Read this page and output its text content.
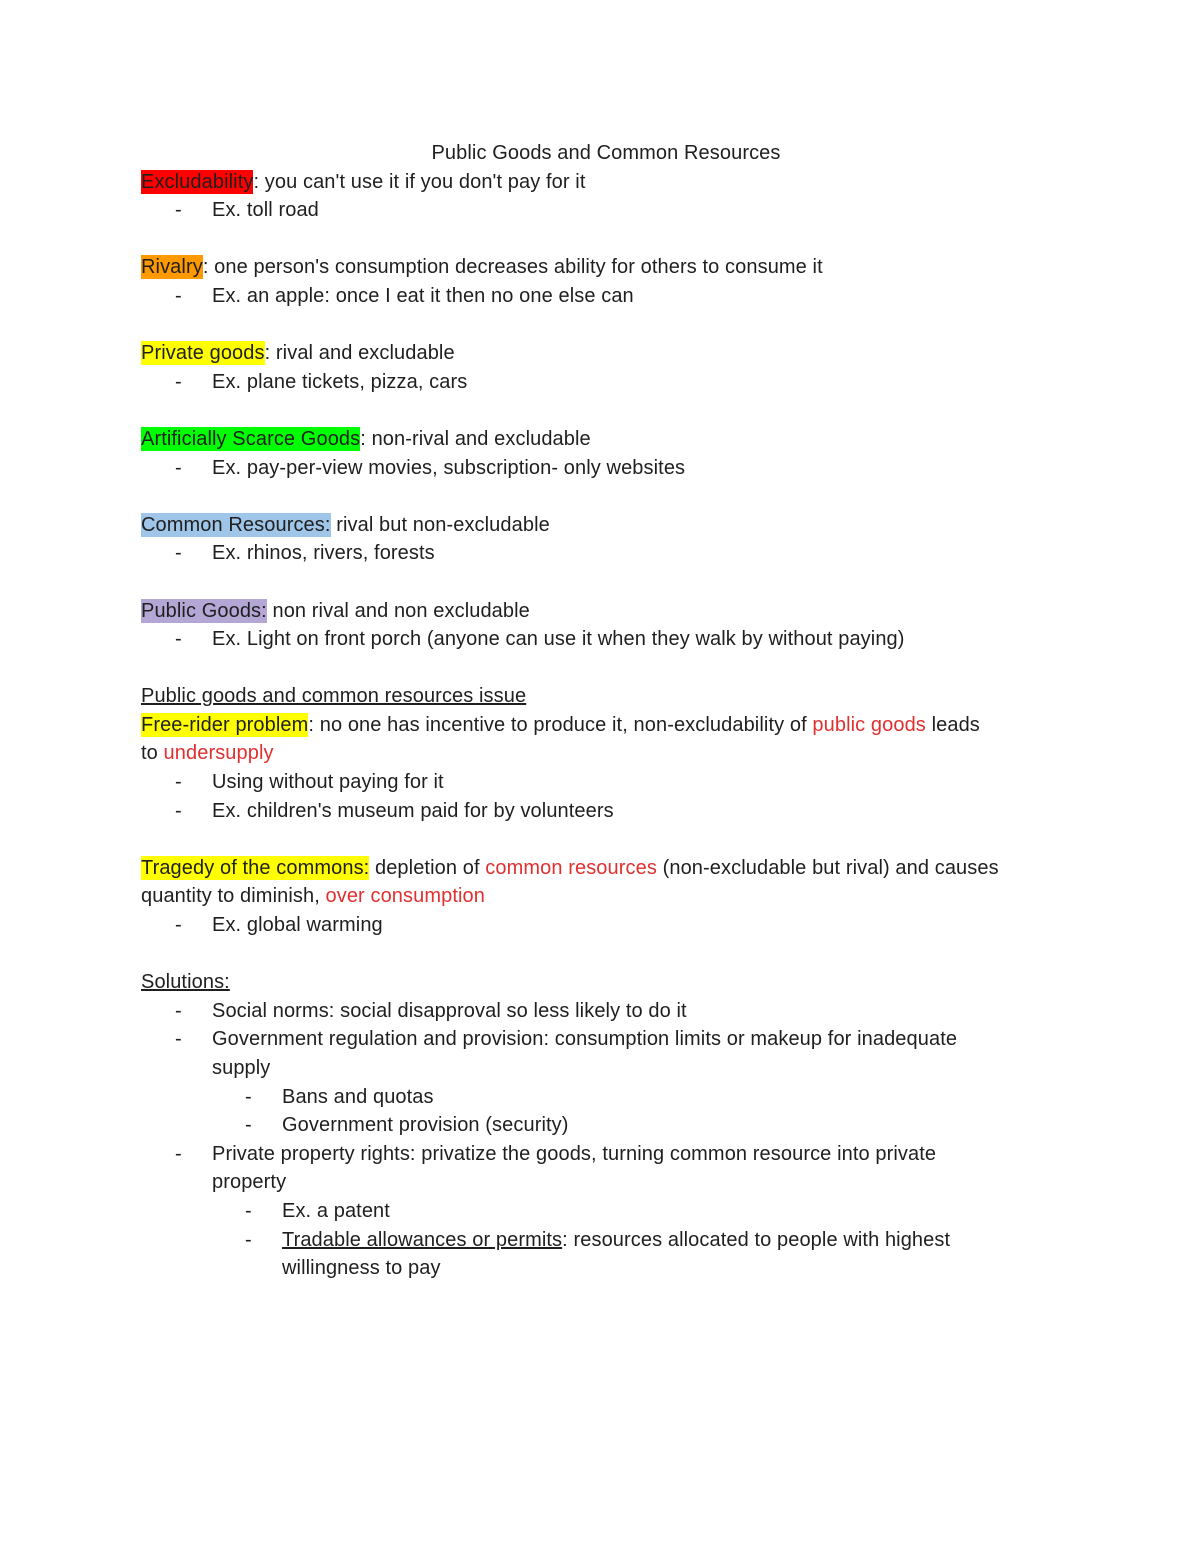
Public Goods and Common Resources
Excludability: you can't use it if you don't pay for it
- Ex. toll road
Rivalry: one person's consumption decreases ability for others to consume it
- Ex. an apple: once I eat it then no one else can
Private goods: rival and excludable
- Ex. plane tickets, pizza, cars
Artificially Scarce Goods: non-rival and excludable
- Ex. pay-per-view movies, subscription- only websites
Common Resources: rival but non-excludable
- Ex. rhinos, rivers, forests
Public Goods: non rival and non excludable
- Ex. Light on front porch (anyone can use it when they walk by without paying)
Public goods and common resources issue
Free-rider problem: no one has incentive to produce it, non-excludability of public goods leads
to undersupply
- Using without paying for it
- Ex. children's museum paid for by volunteers
Tragedy of the commons: depletion of common resources (non-excludable but rival) and causes
quantity to diminish, over consumption
- Ex. global warming
Solutions:
- Social norms: social disapproval so less likely to do it
- Government regulation and provision: consumption limits or makeup for inadequate supply
- Bans and quotas
- Government provision (security)
- Private property rights: privatize the goods, turning common resource into private property
- Ex. a patent
- Tradable allowances or permits: resources allocated to people with highest willingness to pay
